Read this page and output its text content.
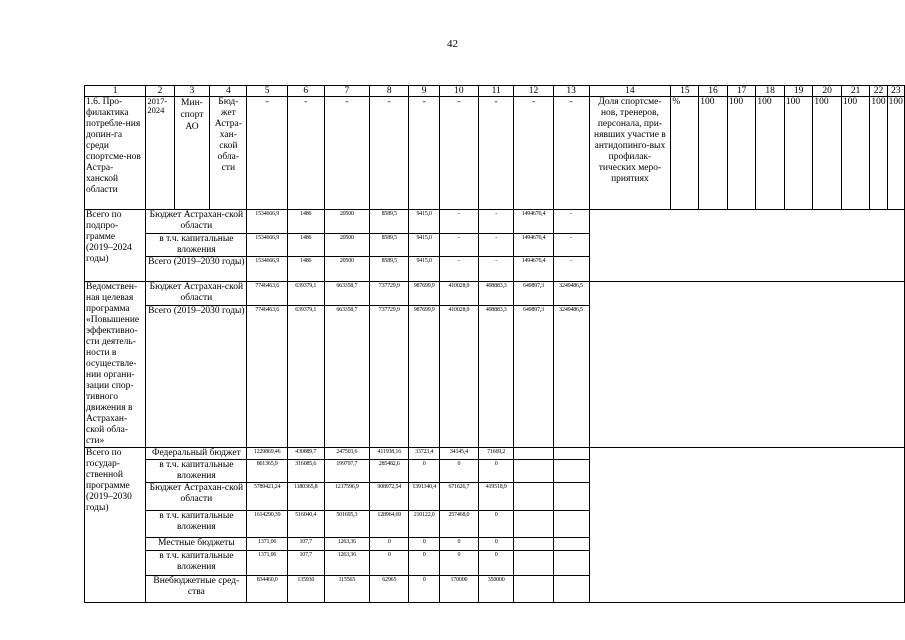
42
1	2	3	4	5	6	7	8	9	10	11	12	13	14	15	16	17	18	19	20	21	22	23
1.6. Про-филактика потребле-ния допин-га среди спортсме-нов Астра-ханской области	2017-2024	Мин-спорт АО	Бюд-жет Астра-хан-ской обла-сти	-	-	-	-	-	-	-	-	-	Доля спортсме-нов, тренеров, персонала, при-нявших участие в антидопинго-вых профилак-тических меро-приятиях	%	100	100	100	100	100	100	100	100
Всего по подпро-грамме (2019–2024 годы)	Бюджет Астрахан-ской области			1534666,9	1486	20500	8589,5	9415,0	-	-	1494676,4	-										
	в т.ч. капитальные вложения			1534666,9	1486	20500	8589,5	9415,0	-	-	1494676,4	-										
	Всего (2019–2030 годы)			1534666,9	1486	20500	8589,5	9415,0	-	-	1494676,4	-										
Ведомствен-ная целевая программа «Повышение эффективно-сти деятель-ности в осуществле-нии органи-зации спор-тивного движения в Астрахан-ской обла-сти»	Бюджет Астрахан-ской области			7746463,6	639379,1	663358,7	737729,9	987699,9	410028,9	408883,3	649897,3	3249486,5										
	Всего (2019–2030 годы)			7746463,6	639379,1	663358,7	737729,9	987699,9	410028,9	408883,3	649897,3	3249486,5										
Всего по государ-ственной программе (2019–2030 годы)	Федеральный бюджет			1229869,46	430889,7	247503,6	411938,16	33723,4	34145,4	71669,2												
	в т.ч. капитальные вложения			801365,9	316085,6	199797,7	285482,6	0	0	0												
	Бюджет Астрахан-ской области			5789421,24	1180365,8	1217596,9	908972,54	1391340,4	671626,7	419518,9												
	в т.ч. капитальные вложения			1614290,39	516040,4	501695,3	128964,69	210122,0	257468,0	0												
	Местные бюджеты			1371,06	107,7	1263,36	0	0	0	0												
	в т.ч. капитальные вложения			1371,06	107,7	1263,36	0	0	0	0												
	Внебюджетные сред-ства			834460,0	135930	115565	62965	0	170000	350000												
